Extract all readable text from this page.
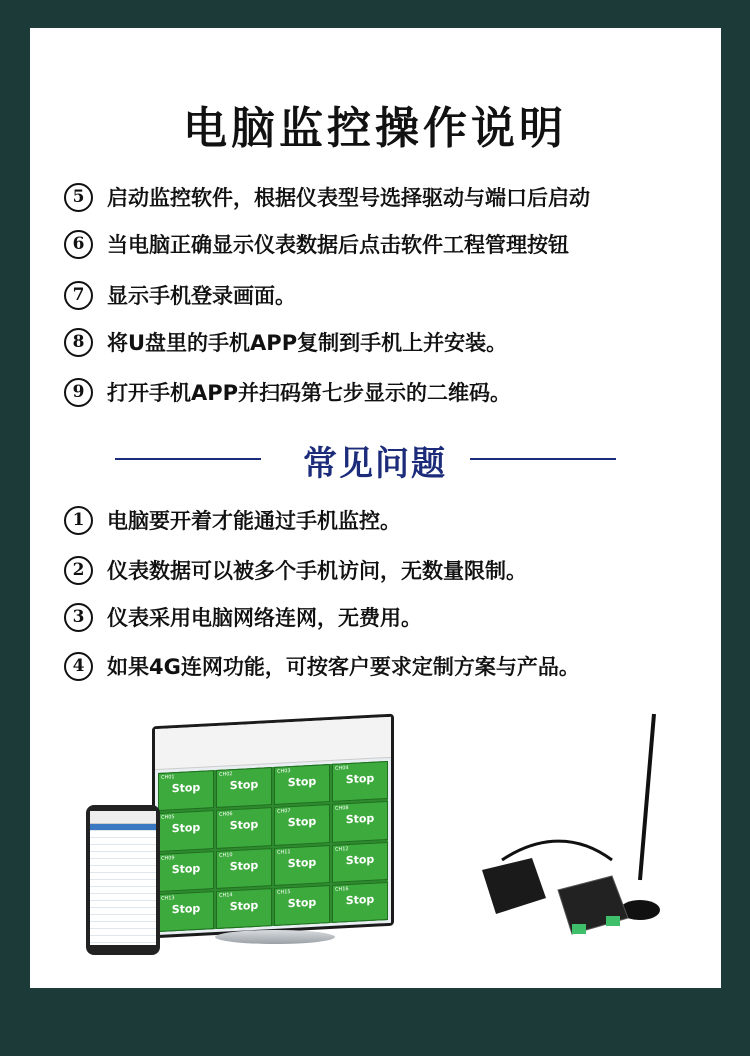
电脑监控操作说明
5	启动监控软件，根据仪表型号选择驱动与端口后启动
6	当电脑正确显示仪表数据后点击软件工程管理按钮
7	显示手机登录画面。
8	将U盘里的手机APP复制到手机上并安装。
9	打开手机APP并扫码第七步显示的二维码。
常见问题
1	电脑要开着才能通过手机监控。
2	仪表数据可以被多个手机访问，无数量限制。
3	仪表采用电脑网络连网，无费用。
4	如果4G连网功能，可按客户要求定制方案与产品。
CH01
Stop
CH02
Stop
CH03
Stop
CH04
Stop
CH05
Stop
CH06
Stop
CH07
Stop
CH08
Stop
CH09
Stop
CH10
Stop
CH11
Stop
CH12
Stop
CH13
Stop
CH14
Stop
CH15
Stop
CH16
Stop
